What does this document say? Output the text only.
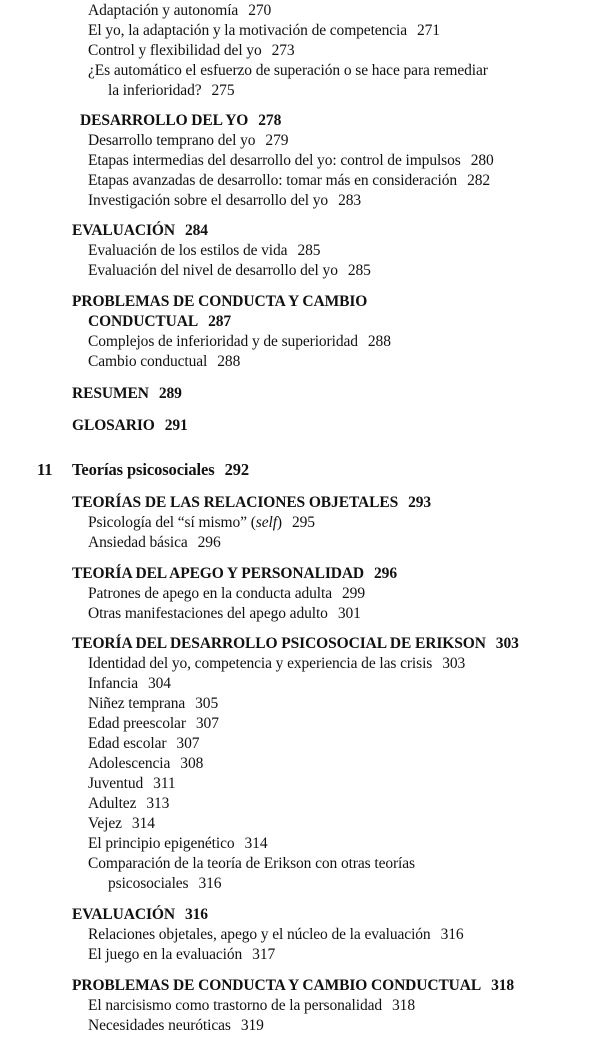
Adaptación y autonomía 270
El yo, la adaptación y la motivación de competencia 271
Control y flexibilidad del yo 273
¿Es automático el esfuerzo de superación o se hace para remediar
la inferioridad? 275
DESARROLLO DEL YO 278
Desarrollo temprano del yo 279
Etapas intermedias del desarrollo del yo: control de impulsos 280
Etapas avanzadas de desarrollo: tomar más en consideración 282
Investigación sobre el desarrollo del yo 283
EVALUACIÓN 284
Evaluación de los estilos de vida 285
Evaluación del nivel de desarrollo del yo 285
PROBLEMAS DE CONDUCTA Y CAMBIO
CONDUCTUAL 287
Complejos de inferioridad y de superioridad 288
Cambio conductual 288
RESUMEN 289
GLOSARIO 291
11 Teorías psicosociales 292
TEORÍAS DE LAS RELACIONES OBJETALES 293
Psicología del “sí mismo” (self) 295
Ansiedad básica 296
TEORÍA DEL APEGO Y PERSONALIDAD 296
Patrones de apego en la conducta adulta 299
Otras manifestaciones del apego adulto 301
TEORÍA DEL DESARROLLO PSICOSOCIAL DE ERIKSON 303
Identidad del yo, competencia y experiencia de las crisis 303
Infancia 304
Niñez temprana 305
Edad preescolar 307
Edad escolar 307
Adolescencia 308
Juventud 311
Adultez 313
Vejez 314
El principio epigenético 314
Comparación de la teoría de Erikson con otras teorías
psicosociales 316
EVALUACIÓN 316
Relaciones objetales, apego y el núcleo de la evaluación 316
El juego en la evaluación 317
PROBLEMAS DE CONDUCTA Y CAMBIO CONDUCTUAL 318
El narcisismo como trastorno de la personalidad 318
Necesidades neuróticas 319
